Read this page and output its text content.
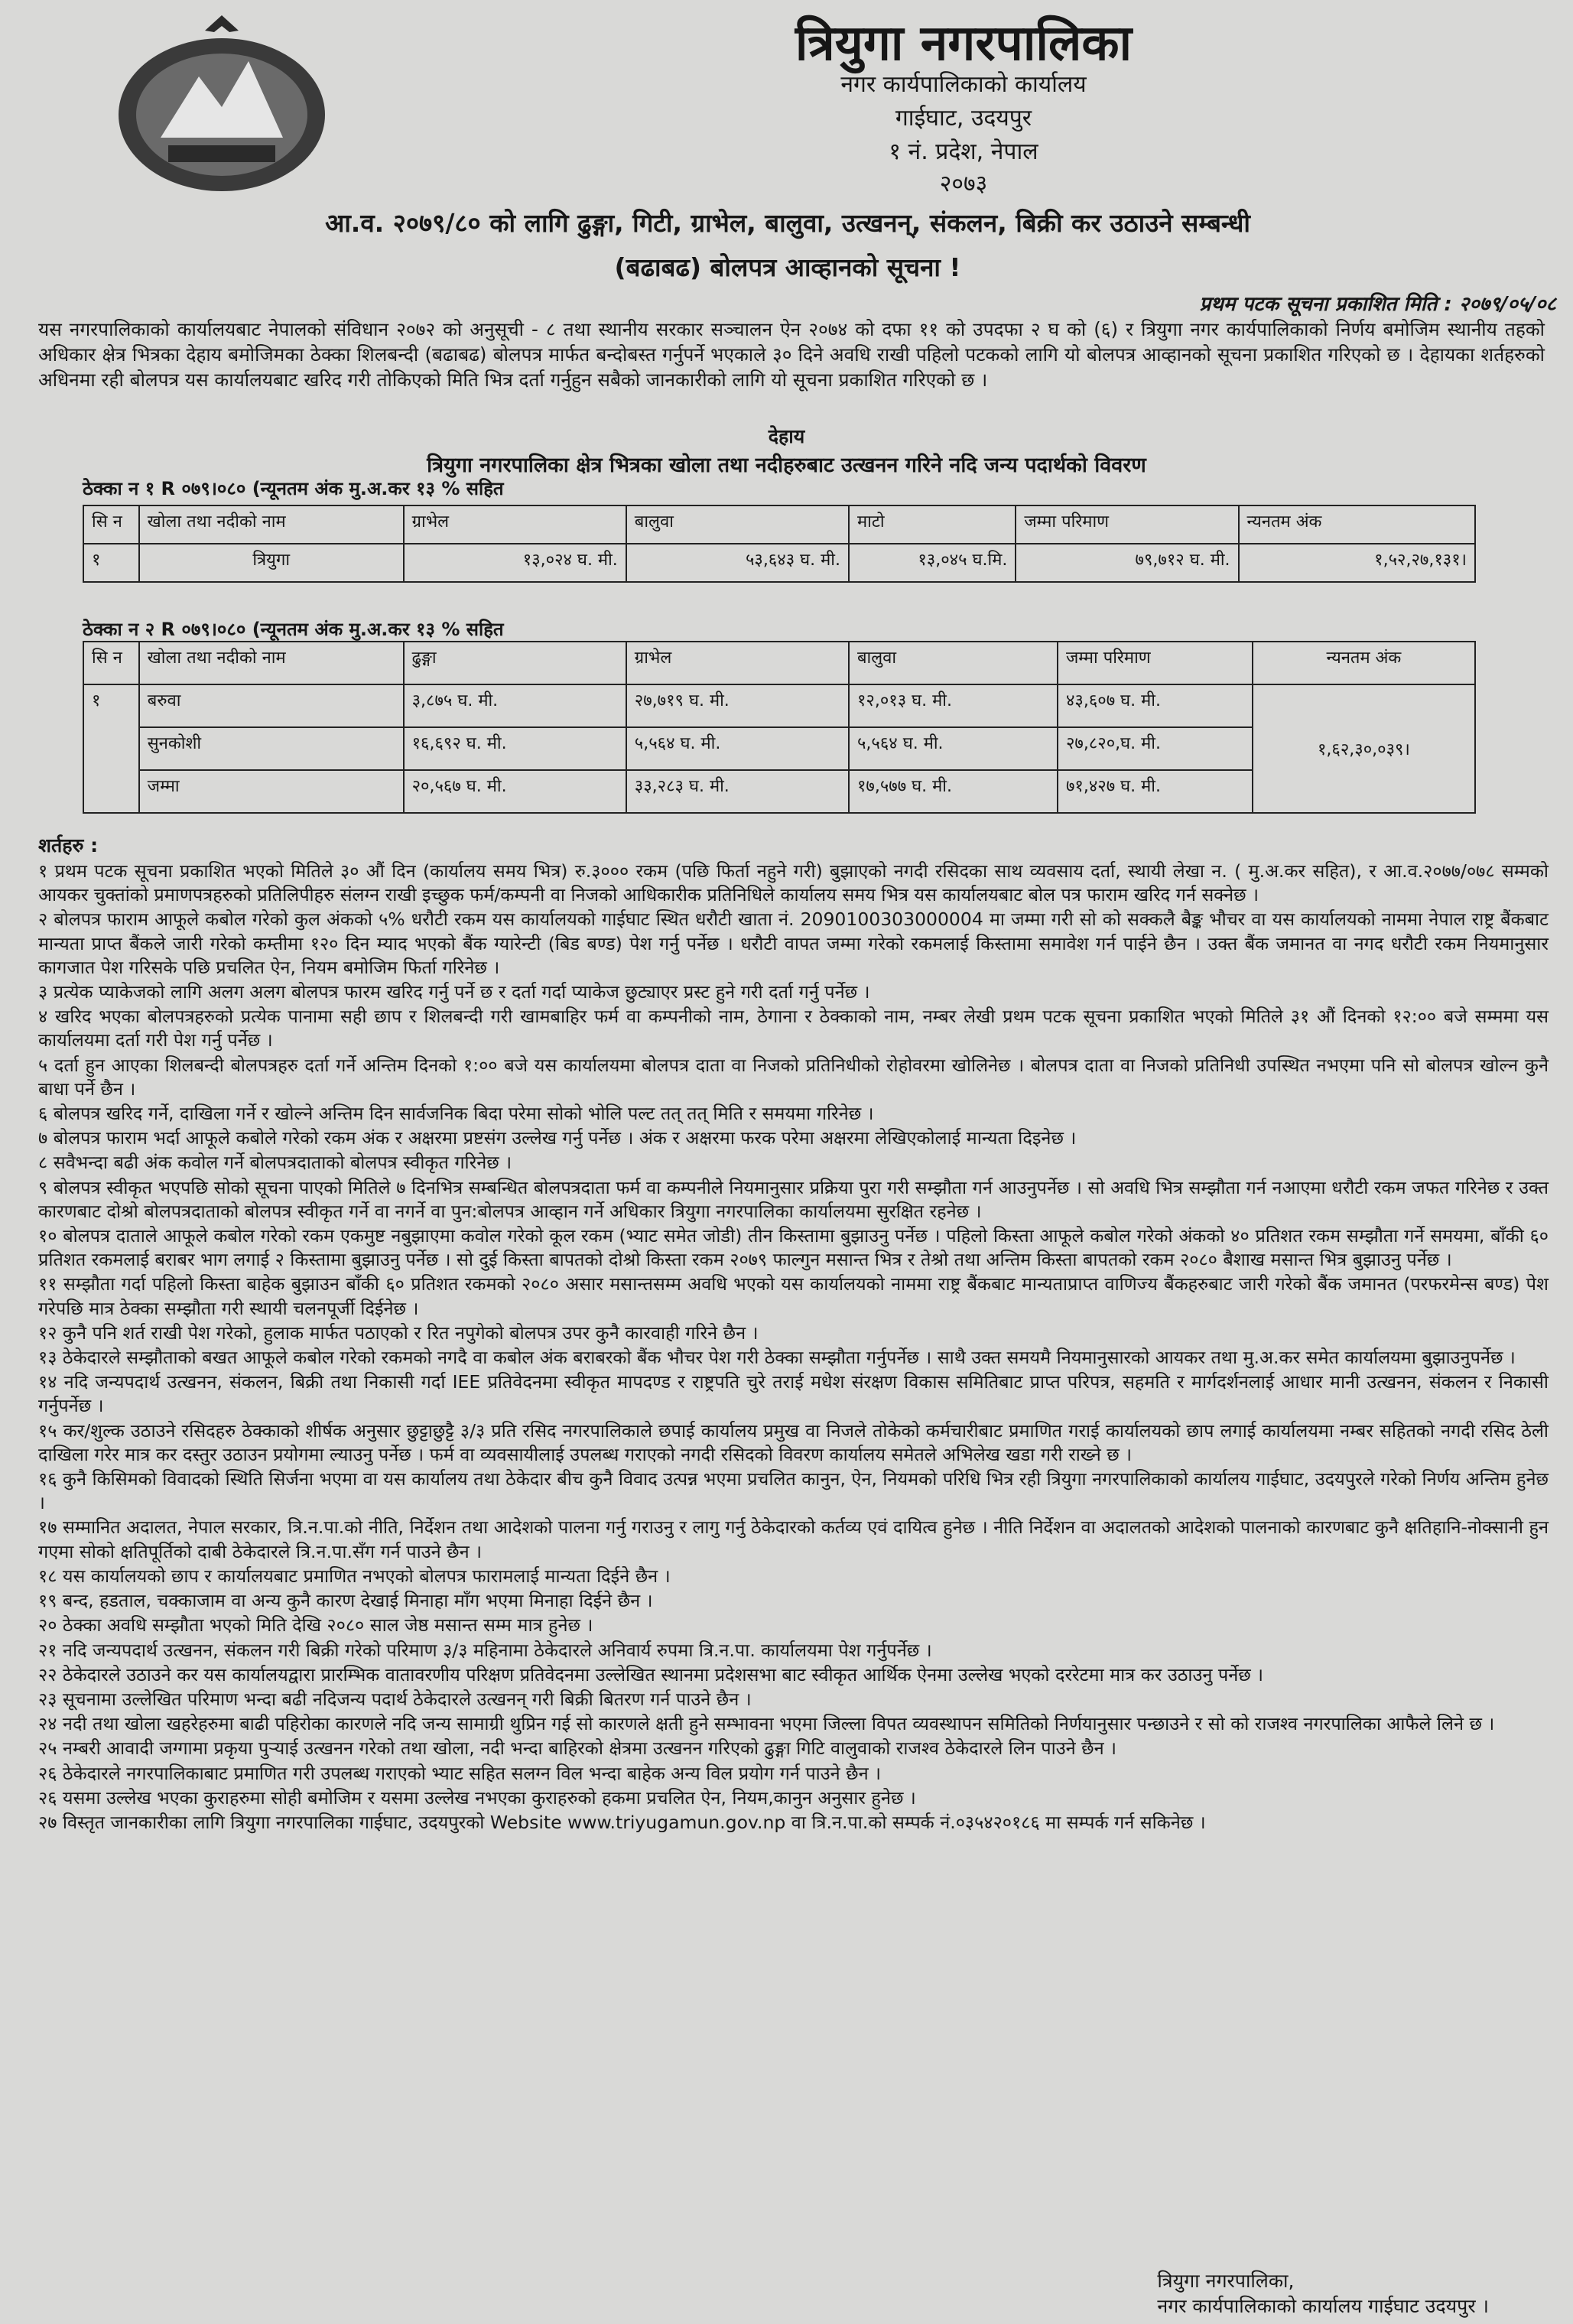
त्रियुगा नगरपालिका
नगर कार्यपालिकाको कार्यालय
गाईघाट, उदयपुर
१ नं. प्रदेश, नेपाल
२०७३
आ.व. २०७९/८० को लागि ढुङ्गा, गिटी, ग्राभेल, बालुवा, उत्खनन्, संकलन, बिक्री कर उठाउने सम्बन्धी
(बढाबढ) बोलपत्र आव्हानको सूचना !
प्रथम पटक सूचना प्रकाशित मिति : २०७९/०५/०८
यस नगरपालिकाको कार्यालयबाट नेपालको संविधान २०७२ को अनुसूची - ८ तथा स्थानीय सरकार सञ्चालन ऐन २०७४ को दफा ११ को उपदफा २ घ को (६) र त्रियुगा नगर कार्यपालिकाको निर्णय बमोजिम स्थानीय तहको अधिकार क्षेत्र भित्रका देहाय बमोजिमका ठेक्का शिलबन्दी (बढाबढ) बोलपत्र मार्फत बन्दोबस्त गर्नुपर्ने भएकाले ३० दिने अवधि राखी पहिलो पटकको लागि यो बोलपत्र आव्हानको सूचना प्रकाशित गरिएको छ । देहायका शर्तहरुको अधिनमा रही बोलपत्र यस कार्यालयबाट खरिद गरी तोकिएको मिति भित्र दर्ता गर्नुहुन सबैको जानकारीको लागि यो सूचना प्रकाशित गरिएको छ ।
देहाय
त्रियुगा नगरपालिका क्षेत्र भित्रका खोला तथा नदीहरुबाट उत्खनन गरिने नदि जन्य पदार्थको विवरण
ठेक्का न १ R ०७९।०८० (न्यूनतम अंक मु.अ.कर १३ % सहित
सि न	खोला तथा नदीको नाम	ग्राभेल	बालुवा	माटो	जम्मा परिमाण	न्यनतम अंक
१	त्रियुगा	१३,०२४ घ. मी.	५३,६४३ घ. मी.	१३,०४५ घ.मि.	७९,७१२ घ. मी.	१,५२,२७,१३१।
ठेक्का न २ R ०७९।०८० (न्यूनतम अंक मु.अ.कर १३ % सहित
सि न	खोला तथा नदीको नाम	ढुङ्गा	ग्राभेल	बालुवा	जम्मा परिमाण	न्यनतम अंक
१	बरुवा	३,८७५ घ. मी.	२७,७१९ घ. मी.	१२,०१३ घ. मी.	४३,६०७ घ. मी.	१,६२,३०,०३९।
	सुनकोशी	१६,६९२ घ. मी.	५,५६४ घ. मी.	५,५६४ घ. मी.	२७,८२०,घ. मी.	
	जम्मा	२०,५६७ घ. मी.	३३,२८३ घ. मी.	१७,५७७ घ. मी.	७१,४२७ घ. मी.	
शर्तहरु :

१ प्रथम पटक सूचना प्रकाशित भएको मितिले ३० औं दिन (कार्यालय समय भित्र) रु.३००० रकम (पछि फिर्ता नहुने गरी) बुझाएको नगदी रसिदका साथ व्यवसाय दर्ता, स्थायी लेखा न. ( मु.अ.कर सहित), र आ.व.२०७७/०७८ सम्मको आयकर चुक्तांको प्रमाणपत्रहरुको प्रतिलिपीहरु संलग्न राखी इच्छुक फर्म/कम्पनी वा निजको आधिकारीक प्रतिनिधिले कार्यालय समय भित्र यस कार्यालयबाट बोल पत्र फाराम खरिद गर्न सक्नेछ ।

२ बोलपत्र फाराम आफूले कबोल गरेको कुल अंकको ५% धरौटी रकम यस कार्यालयको गाईघाट स्थित धरौटी खाता नं. 2090100303000004 मा जम्मा गरी सो को सक्कलै बैङ्क भौचर वा यस कार्यालयको नाममा नेपाल राष्ट्र बैंकबाट मान्यता प्राप्त बैंकले जारी गरेको कम्तीमा १२० दिन म्याद भएको बैंक ग्यारेन्टी (बिड बण्ड) पेश गर्नु पर्नेछ । धरौटी वापत जम्मा गरेको रकमलाई किस्तामा समावेश गर्न पाईने छैन । उक्त बैंक जमानत वा नगद धरौटी रकम नियमानुसार कागजात पेश गरिसके पछि प्रचलित ऐन, नियम बमोजिम फिर्ता गरिनेछ ।

३ प्रत्येक प्याकेजको लागि अलग अलग बोलपत्र फारम खरिद गर्नु पर्ने छ र दर्ता गर्दा प्याकेज छुट्याएर प्रस्ट हुने गरी दर्ता गर्नु पर्नेछ ।

४ खरिद भएका बोलपत्रहरुको प्रत्येक पानामा सही छाप र शिलबन्दी गरी खामबाहिर फर्म वा कम्पनीको नाम, ठेगाना र ठेक्काको नाम, नम्बर लेखी प्रथम पटक सूचना प्रकाशित भएको मितिले ३१ औं दिनको १२:०० बजे सम्ममा यस कार्यालयमा दर्ता गरी पेश गर्नु पर्नेछ ।

५ दर्ता हुन आएका शिलबन्दी बोलपत्रहरु दर्ता गर्ने अन्तिम दिनको १:०० बजे यस कार्यालयमा बोलपत्र दाता वा निजको प्रतिनिधीको रोहोवरमा खोलिनेछ । बोलपत्र दाता वा निजको प्रतिनिधी उपस्थित नभएमा पनि सो बोलपत्र खोल्न कुनै बाधा पर्ने छैन ।

६ बोलपत्र खरिद गर्ने, दाखिला गर्ने र खोल्ने अन्तिम दिन सार्वजनिक बिदा परेमा सोको भोलि पल्ट तत् तत् मिति र समयमा गरिनेछ ।

७ बोलपत्र फाराम भर्दा आफूले कबोले गरेको रकम अंक र अक्षरमा प्रष्टसंग उल्लेख गर्नु पर्नेछ । अंक र अक्षरमा फरक परेमा अक्षरमा लेखिएकोलाई मान्यता दिइनेछ ।

८ सवैभन्दा बढी अंक कवोल गर्ने बोलपत्रदाताको बोलपत्र स्वीकृत गरिनेछ ।

९ बोलपत्र स्वीकृत भएपछि सोको सूचना पाएको मितिले ७ दिनभित्र सम्बन्धित बोलपत्रदाता फर्म वा कम्पनीले नियमानुसार प्रक्रिया पुरा गरी सम्झौता गर्न आउनुपर्नेछ । सो अवधि भित्र सम्झौता गर्न नआएमा धरौटी रकम जफत गरिनेछ र उक्त कारणबाट दोश्रो बोलपत्रदाताको बोलपत्र स्वीकृत गर्ने वा नगर्ने वा पुन:बोलपत्र आव्हान गर्ने अधिकार त्रियुगा नगरपालिका कार्यालयमा सुरक्षित रहनेछ ।

१० बोलपत्र दाताले आफूले कबोल गरेको रकम एकमुष्ट नबुझाएमा कवोल गरेको कूल रकम (भ्याट समेत जोडी) तीन किस्तामा बुझाउनु पर्नेछ । पहिलो किस्ता आफूले कबोल गरेको अंकको ४० प्रतिशत रकम सम्झौता गर्ने समयमा, बाँकी ६० प्रतिशत रकमलाई बराबर भाग लगाई २ किस्तामा बुझाउनु पर्नेछ । सो दुई किस्ता बापतको दोश्रो किस्ता रकम २०७९ फाल्गुन मसान्त भित्र र तेश्रो तथा अन्तिम किस्ता बापतको रकम २०८० बैशाख मसान्त भित्र बुझाउनु पर्नेछ ।

११ सम्झौता गर्दा पहिलो किस्ता बाहेक बुझाउन बाँकी ६० प्रतिशत रकमको २०८० असार मसान्तसम्म अवधि भएको यस कार्यालयको नाममा राष्ट्र बैंकबाट मान्यताप्राप्त वाणिज्य बैंकहरुबाट जारी गरेको बैंक जमानत (परफरमेन्स बण्ड) पेश गरेपछि मात्र ठेक्का सम्झौता गरी स्थायी चलनपूर्जी दिईनेछ ।

१२ कुनै पनि शर्त राखी पेश गरेको, हुलाक मार्फत पठाएको र रित नपुगेको बोलपत्र उपर कुनै कारवाही गरिने छैन ।

१३ ठेकेदारले सम्झौताको बखत आफूले कबोल गरेको रकमको नगदै वा कबोल अंक बराबरको बैंक भौचर पेश गरी ठेक्का सम्झौता गर्नुपर्नेछ । साथै उक्त समयमै नियमानुसारको आयकर तथा मु.अ.कर समेत कार्यालयमा बुझाउनुपर्नेछ ।

१४ नदि जन्यपदार्थ उत्खनन, संकलन, बिक्री तथा निकासी गर्दा IEE प्रतिवेदनमा स्वीकृत मापदण्ड र राष्ट्रपति चुरे तराई मधेश संरक्षण विकास समितिबाट प्राप्त परिपत्र, सहमति र मार्गदर्शनलाई आधार मानी उत्खनन, संकलन र निकासी गर्नुपर्नेछ ।

१५ कर/शुल्क उठाउने रसिदहरु ठेक्काको शीर्षक अनुसार छुट्टाछुट्टै ३/३ प्रति रसिद नगरपालिकाले छपाई कार्यालय प्रमुख वा निजले तोकेको कर्मचारीबाट प्रमाणित गराई कार्यालयको छाप लगाई कार्यालयमा नम्बर सहितको नगदी रसिद ठेली दाखिला गरेर मात्र कर दस्तुर उठाउन प्रयोगमा ल्याउनु पर्नेछ । फर्म वा व्यवसायीलाई उपलब्ध गराएको नगदी रसिदको विवरण कार्यालय समेतले अभिलेख खडा गरी राख्ने छ ।

१६ कुनै किसिमको विवादको स्थिति सिर्जना भएमा वा यस कार्यालय तथा ठेकेदार बीच कुनै विवाद उत्पन्न भएमा प्रचलित कानुन, ऐन, नियमको परिधि भित्र रही त्रियुगा नगरपालिकाको कार्यालय गाईघाट, उदयपुरले गरेको निर्णय अन्तिम हुनेछ ।

१७ सम्मानित अदालत, नेपाल सरकार, त्रि.न.पा.को नीति, निर्देशन तथा आदेशको पालना गर्नु गराउनु र लागु गर्नु ठेकेदारको कर्तव्य एवं दायित्व हुनेछ । नीति निर्देशन वा अदालतको आदेशको पालनाको कारणबाट कुनै क्षतिहानि-नोक्सानी हुन गएमा सोको क्षतिपूर्तिको दाबी ठेकेदारले त्रि.न.पा.सँग गर्न पाउने छैन ।

१८ यस कार्यालयको छाप र कार्यालयबाट प्रमाणित नभएको बोलपत्र फारामलाई मान्यता दिईने छैन ।

१९ बन्द, हडताल, चक्काजाम वा अन्य कुनै कारण देखाई मिनाहा माँग भएमा मिनाहा दिईने छैन ।

२० ठेक्का अवधि सम्झौता भएको मिति देखि २०८० साल जेष्ठ मसान्त सम्म मात्र हुनेछ ।

२१ नदि जन्यपदार्थ उत्खनन, संकलन गरी बिक्री गरेको परिमाण ३/३ महिनामा ठेकेदारले अनिवार्य रुपमा त्रि.न.पा. कार्यालयमा पेश गर्नुपर्नेछ ।

२२ ठेकेदारले उठाउने कर यस कार्यालयद्वारा प्रारम्भिक वातावरणीय परिक्षण प्रतिवेदनमा उल्लेखित स्थानमा प्रदेशसभा बाट स्वीकृत आर्थिक ऐनमा उल्लेख भएको दररेटमा मात्र कर उठाउनु पर्नेछ ।

२३ सूचनामा उल्लेखित परिमाण भन्दा बढी नदिजन्य पदार्थ ठेकेदारले उत्खनन् गरी बिक्री बितरण गर्न पाउने छैन ।

२४ नदी तथा खोला खहरेहरुमा बाढी पहिरोका कारणले नदि जन्य सामाग्री थुप्रिन गई सो कारणले क्षती हुने सम्भावना भएमा जिल्ला विपत व्यवस्थापन समितिको निर्णयानुसार पन्छाउने र सो को राजश्व नगरपालिका आफैले लिने छ ।

२५ नम्बरी आवादी जग्गामा प्रकृया पुऱ्याई उत्खनन गरेको तथा खोला, नदी भन्दा बाहिरको क्षेत्रमा उत्खनन गरिएको ढुङ्गा गिटि वालुवाको राजश्व ठेकेदारले लिन पाउने छैन ।

२६ ठेकेदारले नगरपालिकाबाट प्रमाणित गरी उपलब्ध गराएको भ्याट सहित सलग्न विल भन्दा बाहेक अन्य विल प्रयोग गर्न पाउने छैन ।

२६ यसमा उल्लेख भएका कुराहरुमा सोही बमोजिम र यसमा उल्लेख नभएका कुराहरुको हकमा प्रचलित ऐन, नियम,कानुन अनुसार हुनेछ ।

२७ विस्तृत जानकारीका लागि त्रियुगा नगरपालिका गाईघाट, उदयपुरको Website www.triyugamun.gov.np वा त्रि.न.पा.को सम्पर्क नं.०३५४२०१८६ मा सम्पर्क गर्न सकिनेछ ।

त्रियुगा नगरपालिका,
नगर कार्यपालिकाको कार्यालय गाईघाट उदयपुर ।
